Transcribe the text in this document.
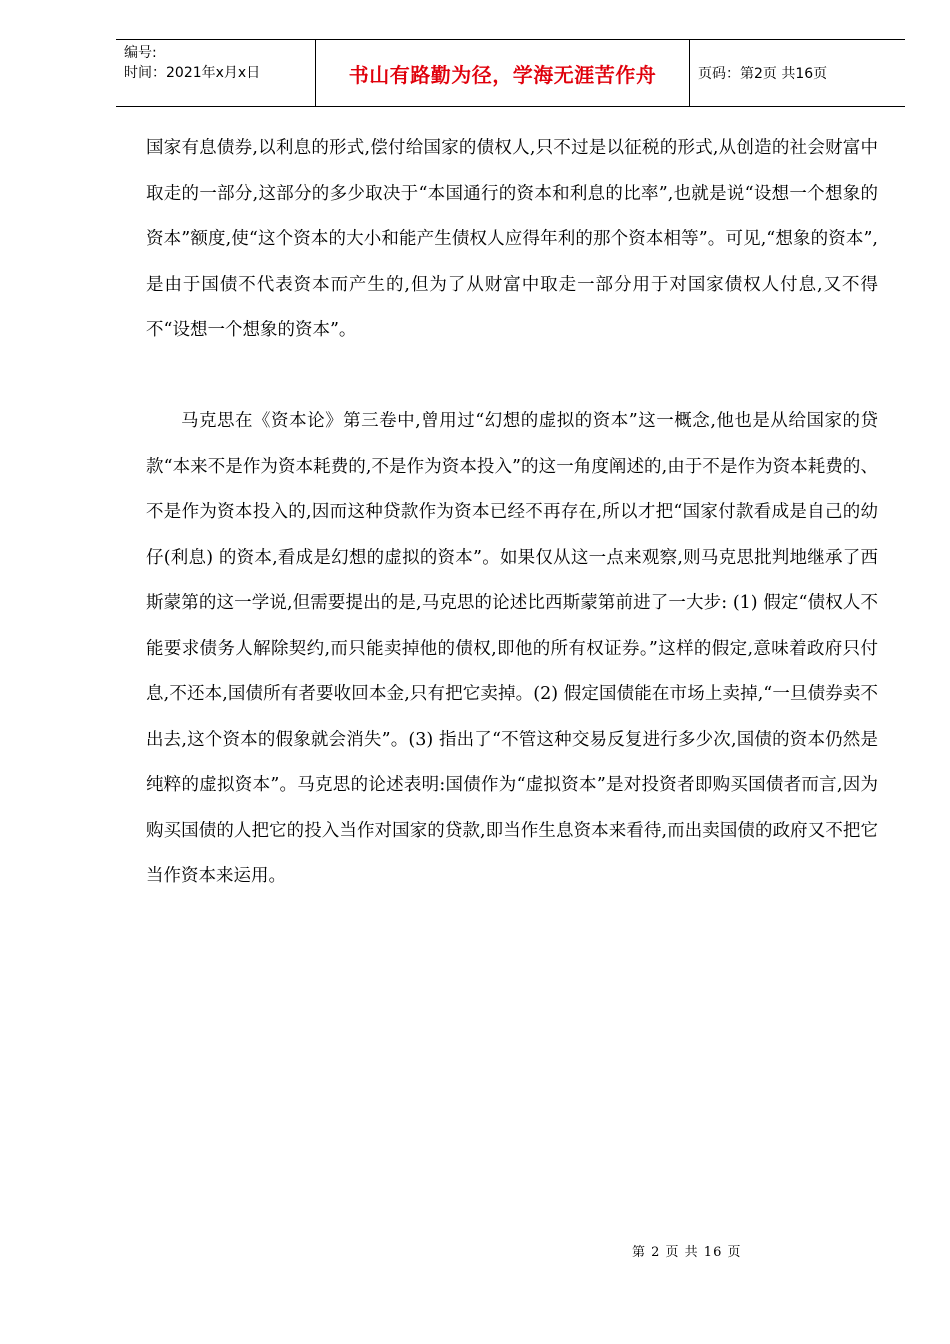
编号:
时间：2021年x月x日	书山有路勤为径，学海无涯苦作舟	页码：第2页 共16页

国家有息债券,以利息的形式,偿付给国家的债权人,只不过是以征税的形式,从创造的社会财富中取走的一部分,这部分的多少取决于“本国通行的资本和利息的比率”,也就是说“设想一个想象的资本”额度,使“这个资本的大小和能产生债权人应得年利的那个资本相等”。可见,“想象的资本”,是由于国债不代表资本而产生的,但为了从财富中取走一部分用于对国家债权人付息,又不得不“设想一个想象的资本”。

马克思在《资本论》第三卷中,曾用过“幻想的虚拟的资本”这一概念,他也是从给国家的贷款“本来不是作为资本耗费的,不是作为资本投入”的这一角度阐述的,由于不是作为资本耗费的、不是作为资本投入的,因而这种贷款作为资本已经不再存在,所以才把“国家付款看成是自己的幼仔(利息) 的资本,看成是幻想的虚拟的资本”。如果仅从这一点来观察,则马克思批判地继承了西斯蒙第的这一学说,但需要提出的是,马克思的论述比西斯蒙第前进了一大步: (1) 假定“债权人不能要求债务人解除契约,而只能卖掉他的债权,即他的所有权证券。”这样的假定,意味着政府只付息,不还本,国债所有者要收回本金,只有把它卖掉。(2) 假定国债能在市场上卖掉,“一旦债券卖不出去,这个资本的假象就会消失”。(3) 指出了“不管这种交易反复进行多少次,国债的资本仍然是纯粹的虚拟资本”。马克思的论述表明:国债作为“虚拟资本”是对投资者即购买国债者而言,因为购买国债的人把它的投入当作对国家的贷款,即当作生息资本来看待,而出卖国债的政府又不把它当作资本来运用。

第 2 页 共 16 页
